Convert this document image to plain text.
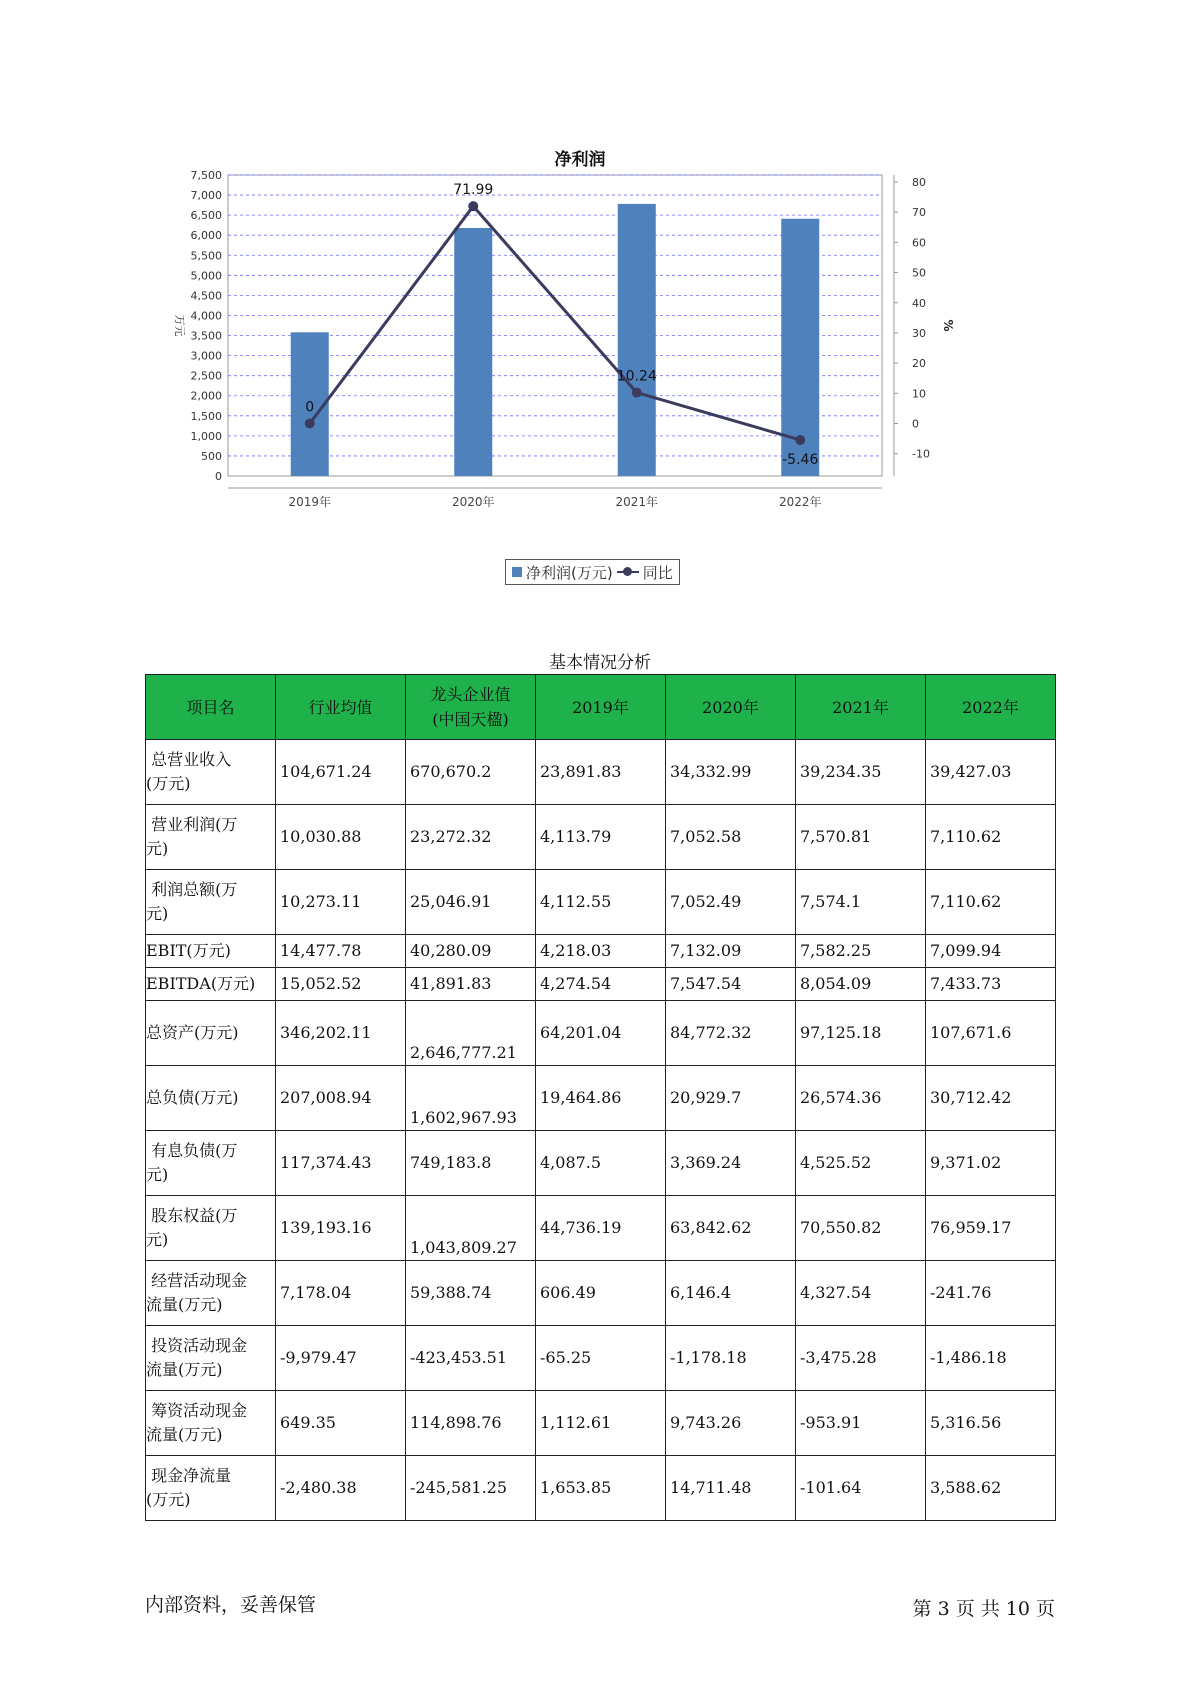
净利润
7,500
7,000
6,500
6,000
5,500
5,000
4,500
4,000
3,500
3,000
2,500
2,000
1,500
1,000
500
0
80
70
60
50
40
30
20
10
0
-10
万元	%
2019年	2020年	2021年	2022年
0
71.99
10.24
-5.46
净利润(万元) 同比
基本情况分析
项目名	行业均值	龙头企业值
(中国天楹)	2019年	2020年	2021年	2022年
总营业收入
(万元)	104,671.24	670,670.2	23,891.83	34,332.99	39,234.35	39,427.03
营业利润(万
元)	10,030.88	23,272.32	4,113.79	7,052.58	7,570.81	7,110.62
利润总额(万
元)	10,273.11	25,046.91	4,112.55	7,052.49	7,574.1	7,110.62
EBIT(万元)	14,477.78	40,280.09	4,218.03	7,132.09	7,582.25	7,099.94
EBITDA(万元)	15,052.52	41,891.83	4,274.54	7,547.54	8,054.09	7,433.73
总资产(万元)	346,202.11	2,646,777.21	64,201.04	84,772.32	97,125.18	107,671.6
总负债(万元)	207,008.94	1,602,967.93	19,464.86	20,929.7	26,574.36	30,712.42
有息负债(万
元)	117,374.43	749,183.8	4,087.5	3,369.24	4,525.52	9,371.02
股东权益(万
元)	139,193.16	1,043,809.27	44,736.19	63,842.62	70,550.82	76,959.17
经营活动现金
流量(万元)	7,178.04	59,388.74	606.49	6,146.4	4,327.54	-241.76
投资活动现金
流量(万元)	-9,979.47	-423,453.51	-65.25	-1,178.18	-3,475.28	-1,486.18
筹资活动现金
流量(万元)	649.35	114,898.76	1,112.61	9,743.26	-953.91	5,316.56
现金净流量
(万元)	-2,480.38	-245,581.25	1,653.85	14,711.48	-101.64	3,588.62
内部资料，妥善保管	第 3 页 共 10 页
